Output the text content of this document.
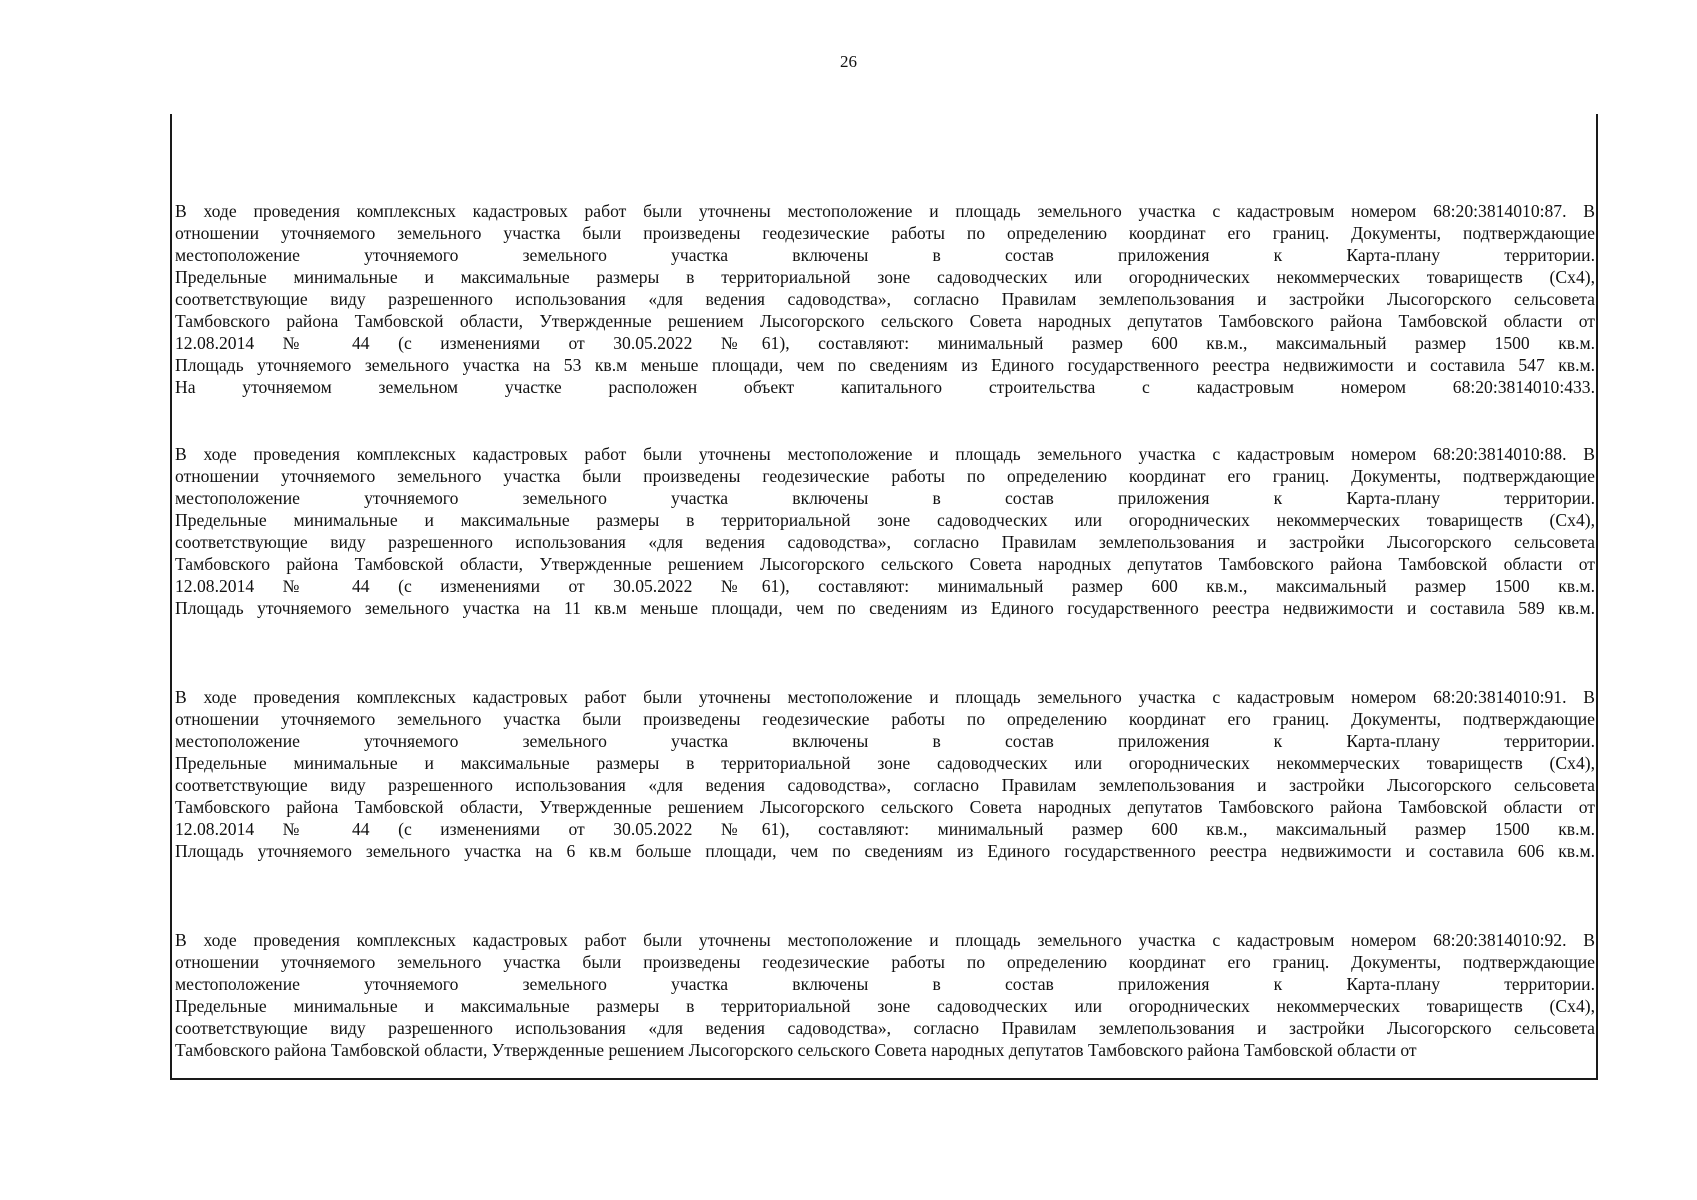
26

В ходе проведения комплексных кадастровых работ были уточнены местоположение и площадь земельного участка с кадастровым номером 68:20:3814010:87. В

отношении уточняемого земельного участка были произведены геодезические работы по определению координат его границ. Документы, подтверждающие

местоположение уточняемого земельного участка включены в состав приложения к Карта-плану территории.

Предельные минимальные и максимальные размеры в территориальной зоне садоводческих или огороднических некоммерческих товариществ (Сх4),

соответствующие виду разрешенного использования «для ведения садоводства», согласно Правилам землепользования и застройки Лысогорского сельсовета

Тамбовского района Тамбовской области, Утвержденные решением Лысогорского сельского Совета народных депутатов Тамбовского района Тамбовской области от

12.08.2014 № 44 (с изменениями от 30.05.2022 №61), составляют: минимальный размер 600 кв.м., максимальный размер 1500 кв.м.

Площадь уточняемого земельного участка на 53 кв.м меньше площади, чем по сведениям из Единого государственного реестра недвижимости и составила 547 кв.м.

На уточняемом земельном участке расположен объект капитального строительства с кадастровым номером 68:20:3814010:433.

В ходе проведения комплексных кадастровых работ были уточнены местоположение и площадь земельного участка с кадастровым номером 68:20:3814010:88. В

отношении уточняемого земельного участка были произведены геодезические работы по определению координат его границ. Документы, подтверждающие

местоположение уточняемого земельного участка включены в состав приложения к Карта-плану территории.

Предельные минимальные и максимальные размеры в территориальной зоне садоводческих или огороднических некоммерческих товариществ (Сх4),

соответствующие виду разрешенного использования «для ведения садоводства», согласно Правилам землепользования и застройки Лысогорского сельсовета

Тамбовского района Тамбовской области, Утвержденные решением Лысогорского сельского Совета народных депутатов Тамбовского района Тамбовской области от

12.08.2014 № 44 (с изменениями от 30.05.2022 №61), составляют: минимальный размер 600 кв.м., максимальный размер 1500 кв.м.

Площадь уточняемого земельного участка на 11 кв.м меньше площади, чем по сведениям из Единого государственного реестра недвижимости и составила 589 кв.м.

В ходе проведения комплексных кадастровых работ были уточнены местоположение и площадь земельного участка с кадастровым номером 68:20:3814010:91. В

отношении уточняемого земельного участка были произведены геодезические работы по определению координат его границ. Документы, подтверждающие

местоположение уточняемого земельного участка включены в состав приложения к Карта-плану территории.

Предельные минимальные и максимальные размеры в территориальной зоне садоводческих или огороднических некоммерческих товариществ (Сх4),

соответствующие виду разрешенного использования «для ведения садоводства», согласно Правилам землепользования и застройки Лысогорского сельсовета

Тамбовского района Тамбовской области, Утвержденные решением Лысогорского сельского Совета народных депутатов Тамбовского района Тамбовской области от

12.08.2014 № 44 (с изменениями от 30.05.2022 №61), составляют: минимальный размер 600 кв.м., максимальный размер 1500 кв.м.

Площадь уточняемого земельного участка на 6 кв.м больше площади, чем по сведениям из Единого государственного реестра недвижимости и составила 606 кв.м.

В ходе проведения комплексных кадастровых работ были уточнены местоположение и площадь земельного участка с кадастровым номером 68:20:3814010:92. В

отношении уточняемого земельного участка были произведены геодезические работы по определению координат его границ. Документы, подтверждающие

местоположение уточняемого земельного участка включены в состав приложения к Карта-плану территории.

Предельные минимальные и максимальные размеры в территориальной зоне садоводческих или огороднических некоммерческих товариществ (Сх4),

соответствующие виду разрешенного использования «для ведения садоводства», согласно Правилам землепользования и застройки Лысогорского сельсовета

Тамбовского района Тамбовской области, Утвержденные решением Лысогорского сельского Совета народных депутатов Тамбовского района Тамбовской области от
